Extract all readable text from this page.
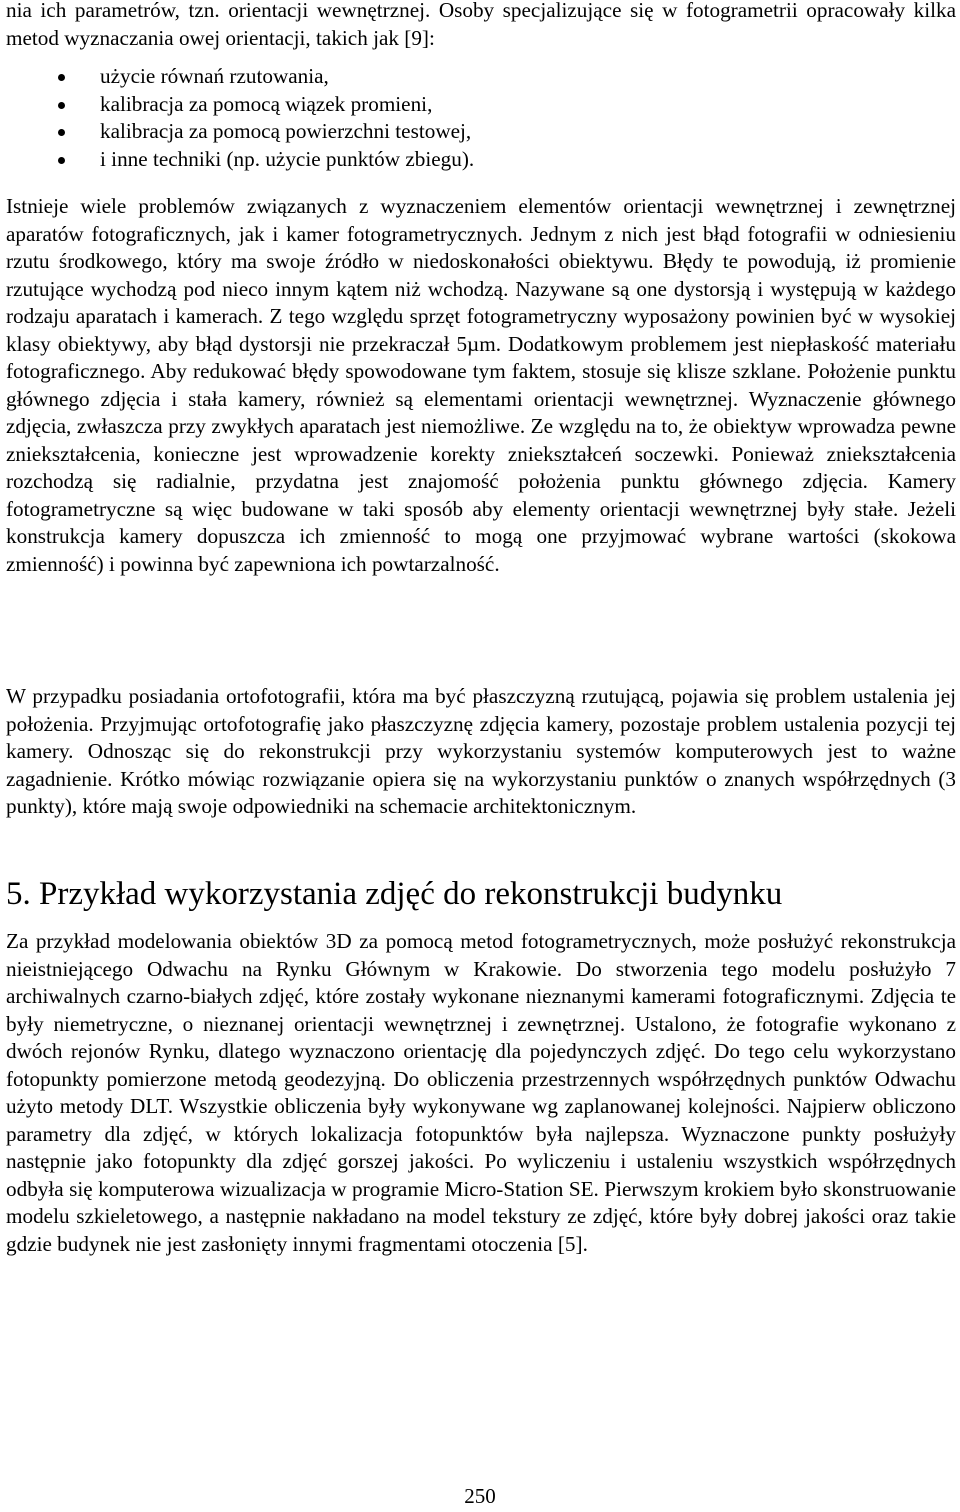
nia ich parametrów, tzn. orientacji wewnętrznej. Osoby specjalizujące się w fotogrametrii opracowały kilka metod wyznaczania owej orientacji, takich jak [9]:

użycie równań rzutowania,
kalibracja za pomocą wiązek promieni,
kalibracja za pomocą powierzchni testowej,
i inne techniki (np. użycie punktów zbiegu).

Istnieje wiele problemów związanych z wyznaczeniem elementów orientacji wewnętrznej i zewnętrznej aparatów fotograficznych, jak i kamer fotogrametrycznych. Jednym z nich jest błąd fotografii w odniesieniu rzutu środkowego, który ma swoje źródło w niedoskonałości obiektywu. Błędy te powodują, iż promienie rzutujące wychodzą pod nieco innym kątem niż wchodzą. Nazywane są one dystorsją i występują w każdego rodzaju aparatach i kamerach. Z tego względu sprzęt fotogrametryczny wyposażony powinien być w wysokiej klasy obiektywy, aby błąd dystorsji nie przekraczał 5µm. Dodatkowym problemem jest niepłaskość materiału fotograficznego. Aby redukować błędy spowodowane tym faktem, stosuje się klisze szklane. Położenie punktu głównego zdjęcia i stała kamery, również są elementami orientacji wewnętrznej. Wyznaczenie głównego zdjęcia, zwłaszcza przy zwykłych aparatach jest niemożliwe. Ze względu na to, że obiektyw wprowadza pewne zniekształcenia, konieczne jest wprowadzenie korekty zniekształceń soczewki. Ponieważ zniekształcenia rozchodzą się radialnie, przydatna jest znajomość położenia punktu głównego zdjęcia. Kamery fotogrametryczne są więc budowane w taki sposób aby elementy orientacji wewnętrznej były stałe. Jeżeli konstrukcja kamery dopuszcza ich zmienność to mogą one przyjmować wybrane wartości (skokowa zmienność) i powinna być zapewniona ich powtarzalność.

W przypadku posiadania ortofotografii, która ma być płaszczyzną rzutującą, pojawia się problem ustalenia jej położenia. Przyjmując ortofotografię jako płaszczyznę zdjęcia kamery, pozostaje problem ustalenia pozycji tej kamery. Odnosząc się do rekonstrukcji przy wykorzystaniu systemów komputerowych jest to ważne zagadnienie. Krótko mówiąc rozwiązanie opiera się na wykorzystaniu punktów o znanych współrzędnych (3 punkty), które mają swoje odpowiedniki na schemacie architektonicznym.

5. Przykład wykorzystania zdjęć do rekonstrukcji budynku

Za przykład modelowania obiektów 3D za pomocą metod fotogrametrycznych, może posłużyć rekonstrukcja nieistniejącego Odwachu na Rynku Głównym w Krakowie. Do stworzenia tego modelu posłużyło 7 archiwalnych czarno-białych zdjęć, które zostały wykonane nieznanymi kamerami fotograficznymi. Zdjęcia te były niemetryczne, o nieznanej orientacji wewnętrznej i zewnętrznej. Ustalono, że fotografie wykonano z dwóch rejonów Rynku, dlatego wyznaczono orientację dla pojedynczych zdjęć. Do tego celu wykorzystano fotopunkty pomierzone metodą geodezyjną. Do obliczenia przestrzennych współrzędnych punktów Odwachu użyto metody DLT. Wszystkie obliczenia były wykonywane wg zaplanowanej kolejności. Najpierw obliczono parametry dla zdjęć, w których lokalizacja fotopunktów była najlepsza. Wyznaczone punkty posłużyły następnie jako fotopunkty dla zdjęć gorszej jakości. Po wyliczeniu i ustaleniu wszystkich współrzędnych odbyła się komputerowa wizualizacja w programie Micro-Station SE. Pierwszym krokiem było skonstruowanie modelu szkieletowego, a następnie nakładano na model tekstury ze zdjęć, które były dobrej jakości oraz takie gdzie budynek nie jest zasłonięty innymi fragmentami otoczenia [5].

250
